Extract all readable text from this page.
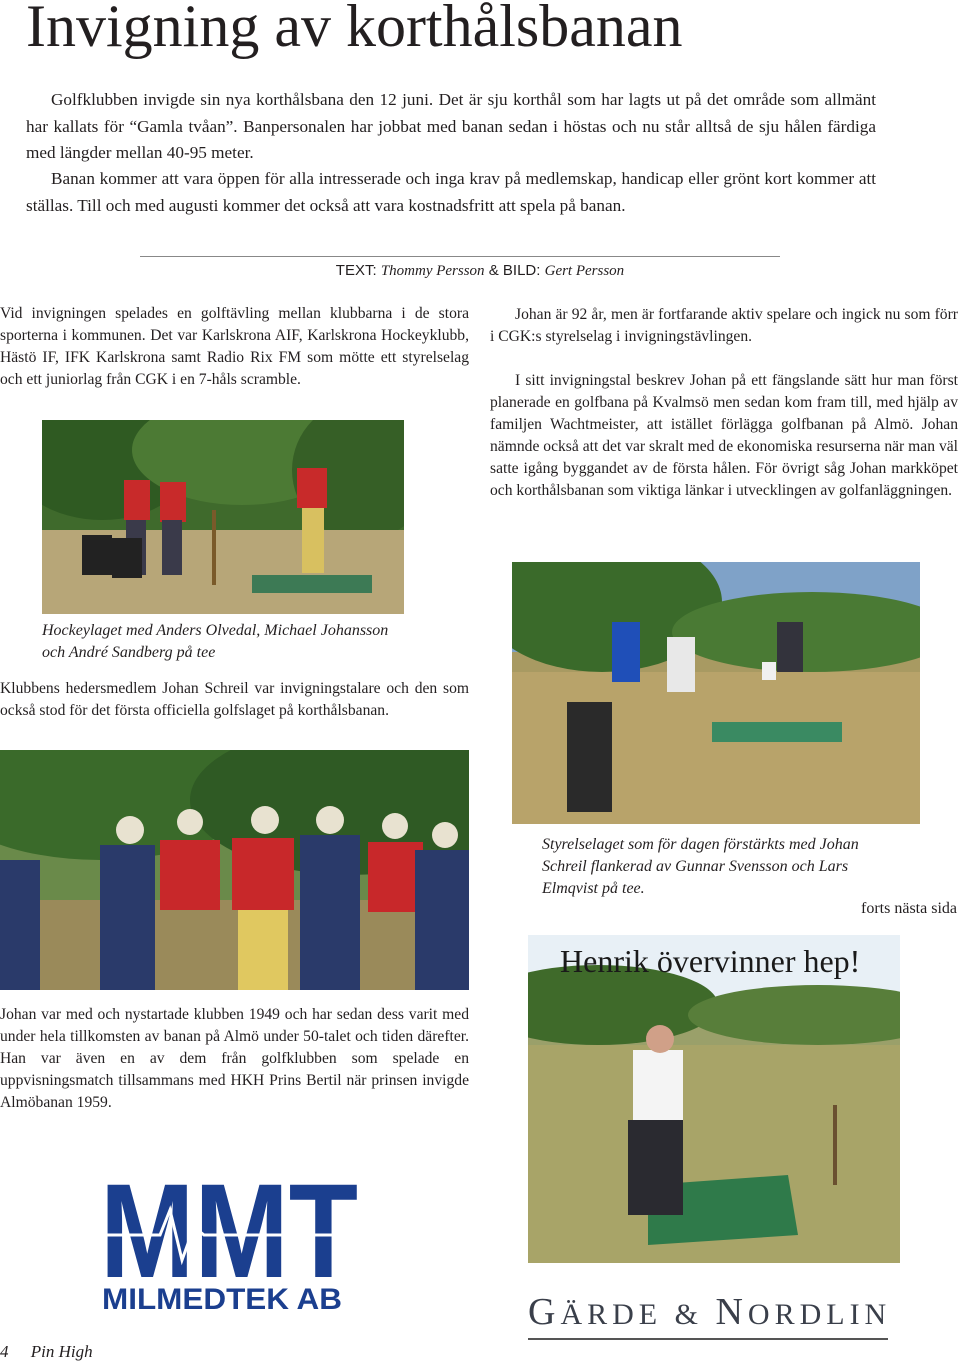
Invigning av korthålsbanan

Golfklubben invigde sin nya korthålsbana den 12 juni. Det är sju korthål som har lagts ut på det område som allmänt har kallats för “Gamla tvåan”. Banpersonalen har jobbat med banan sedan i höstas och nu står alltså de sju hålen färdiga med längder mellan 40-95 meter.

Banan kommer att vara öppen för alla intresserade och inga krav på medlemskap, handicap eller grönt kort kommer att ställas. Till och med augusti kommer det också att vara kostnadsfritt att spela på banan.

TEXT: Thommy Persson & BILD: Gert Persson

Vid invigningen spelades en golftävling mellan klubbarna i de stora sporterna i kommunen. Det var Karlskrona AIF, Karlskrona Hockeyklubb, Hästö IF, IFK Karlskrona samt Radio Rix FM som mötte ett styrelselag och ett juniorlag från CGK i en 7-håls scramble.

Hockeylaget med Anders Olvedal, Michael Johansson och André Sandberg på tee

Klubbens hedersmedlem Johan Schreil var invigningstalare och den som också stod för det första officiella golfslaget på korthålsbanan.

Johan var med och nystartade klubben 1949 och har sedan dess varit med under hela tillkomsten av banan på Almö under 50-talet och tiden därefter. Han var även en av dem från golfklubben som spelade en uppvisningsmatch tillsammans med HKH Prins Bertil när prinsen invigde Almöbanan 1959.

MMT
MILMEDTEK AB

Johan är 92 år, men är fortfarande aktiv spelare och ingick nu som förr i CGK:s styrelselag i invigningstävlingen.

I sitt invigningstal beskrev Johan på ett fängslande sätt hur man först planerade en golfbana på Kvalmsö men sedan kom fram till, med hjälp av familjen Wachtmeister, att istället förlägga golfbanan på Almö. Johan nämnde också att det var skralt med de ekonomiska resurserna när man väl satte igång byggandet av de första hålen. För övrigt såg Johan markköpet och korthålsbanan som viktiga länkar i utvecklingen av golfanläggningen.

Styrelselaget som för dagen förstärkts med Johan Schreil flankerad av Gunnar Svensson och Lars Elmqvist på tee.

forts nästa sida
Henrik övervinner hep!
GÄRDE & NORDLIN
4 Pin High
